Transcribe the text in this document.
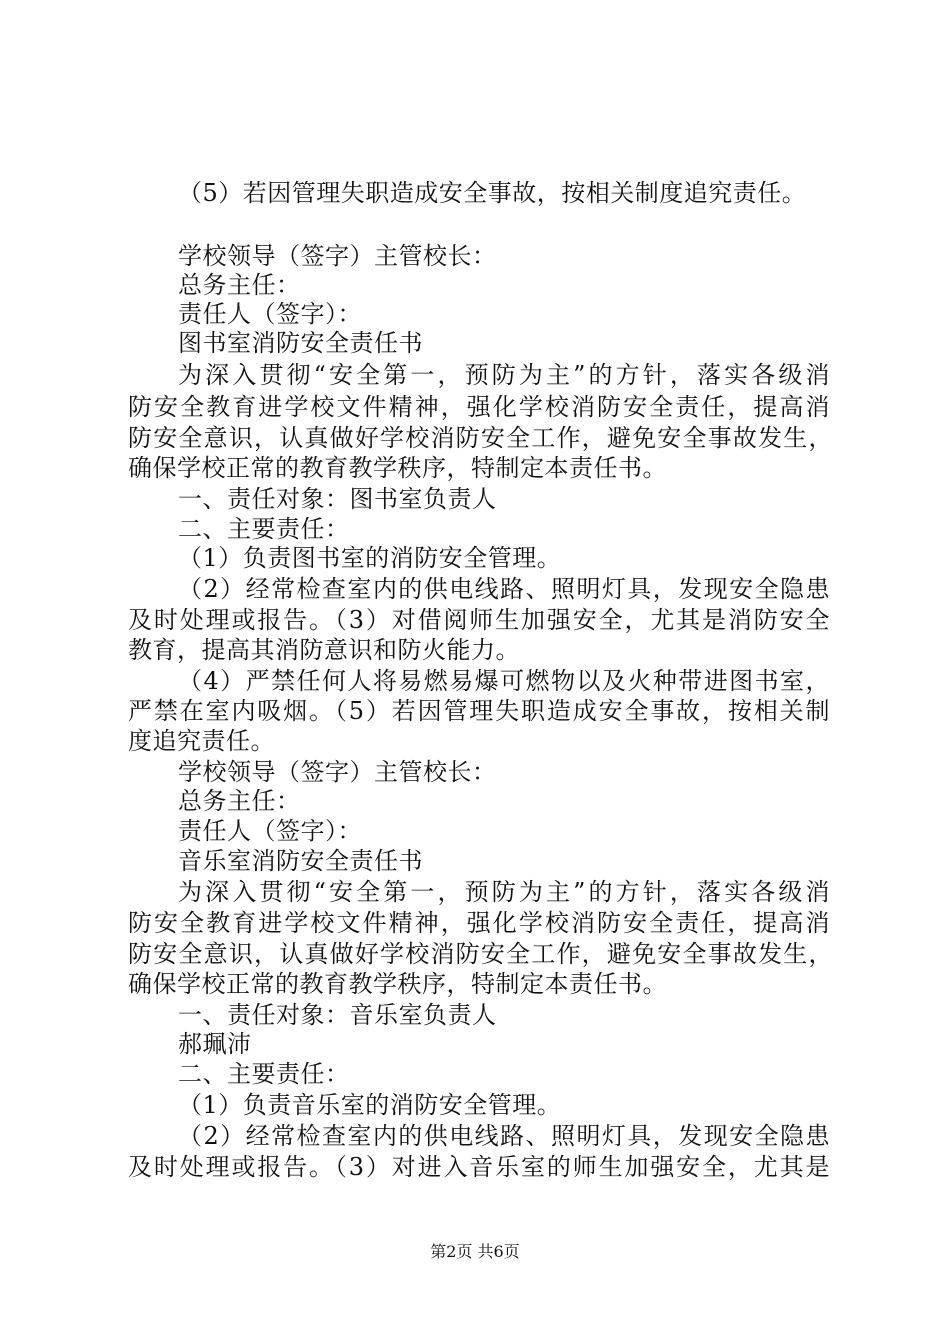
（5）若因管理失职造成安全事故，按相关制度追究责任。
学校领导（签字）主管校长：
总务主任：
责任人（签字）：
图书室消防安全责任书
为深入贯彻“安全第一，预防为主”的方针，落实各级消
防安全教育进学校文件精神，强化学校消防安全责任，提高消
防安全意识，认真做好学校消防安全工作，避免安全事故发生，
确保学校正常的教育教学秩序，特制定本责任书。
一、责任对象：图书室负责人
二、主要责任：
（1）负责图书室的消防安全管理。
（2）经常检查室内的供电线路、照明灯具，发现安全隐患
及时处理或报告。（3）对借阅师生加强安全，尤其是消防安全
教育，提高其消防意识和防火能力。
（4）严禁任何人将易燃易爆可燃物以及火种带进图书室，
严禁在室内吸烟。（5）若因管理失职造成安全事故，按相关制
度追究责任。
学校领导（签字）主管校长：
总务主任：
责任人（签字）：
音乐室消防安全责任书
为深入贯彻“安全第一，预防为主”的方针，落实各级消
防安全教育进学校文件精神，强化学校消防安全责任，提高消
防安全意识，认真做好学校消防安全工作，避免安全事故发生，
确保学校正常的教育教学秩序，特制定本责任书。
一、责任对象：音乐室负责人
郝珮沛
二、主要责任：
（1）负责音乐室的消防安全管理。
（2）经常检查室内的供电线路、照明灯具，发现安全隐患
及时处理或报告。（3）对进入音乐室的师生加强安全，尤其是
第2页 共6页
